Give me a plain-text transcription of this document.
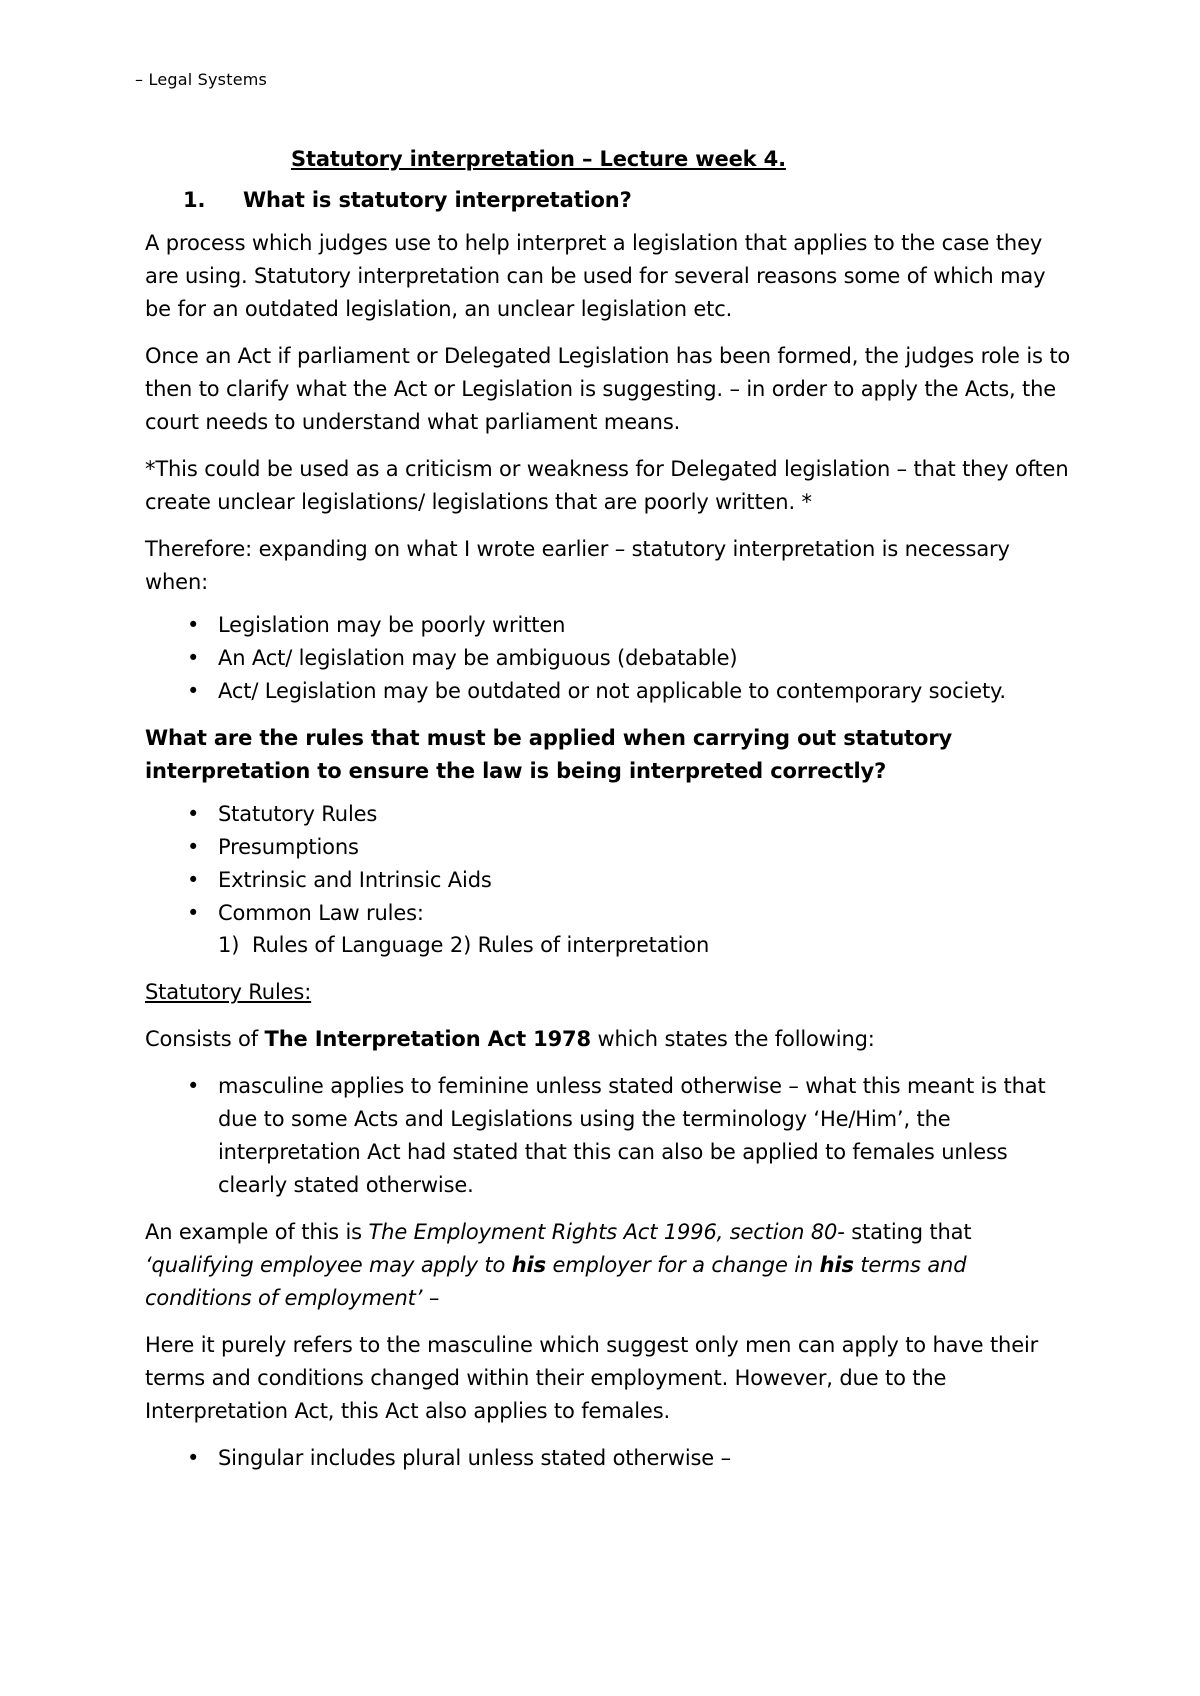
– Legal Systems

Statutory interpretation – Lecture week 4.

1.	What is statutory interpretation?

A process which judges use to help interpret a legislation that applies to the case they are using. Statutory interpretation can be used for several reasons some of which may be for an outdated legislation, an unclear legislation etc.

Once an Act if parliament or Delegated Legislation has been formed, the judges role is to then to clarify what the Act or Legislation is suggesting. – in order to apply the Acts, the court needs to understand what parliament means.

*This could be used as a criticism or weakness for Delegated legislation – that they often create unclear legislations/ legislations that are poorly written. *

Therefore: expanding on what I wrote earlier – statutory interpretation is necessary when:

• Legislation may be poorly written
• An Act/ legislation may be ambiguous (debatable)
• Act/ Legislation may be outdated or not applicable to contemporary society.

What are the rules that must be applied when carrying out statutory interpretation to ensure the law is being interpreted correctly?

• Statutory Rules
• Presumptions
• Extrinsic and Intrinsic Aids
• Common Law rules:
1) Rules of Language 2) Rules of interpretation

Statutory Rules:

Consists of The Interpretation Act 1978 which states the following:

• masculine applies to feminine unless stated otherwise – what this meant is that due to some Acts and Legislations using the terminology ‘He/Him’, the interpretation Act had stated that this can also be applied to females unless clearly stated otherwise.

An example of this is The Employment Rights Act 1996, section 80- stating that ‘qualifying employee may apply to his employer for a change in his terms and conditions of employment’ –

Here it purely refers to the masculine which suggest only men can apply to have their terms and conditions changed within their employment. However, due to the Interpretation Act, this Act also applies to females.

• Singular includes plural unless stated otherwise –
